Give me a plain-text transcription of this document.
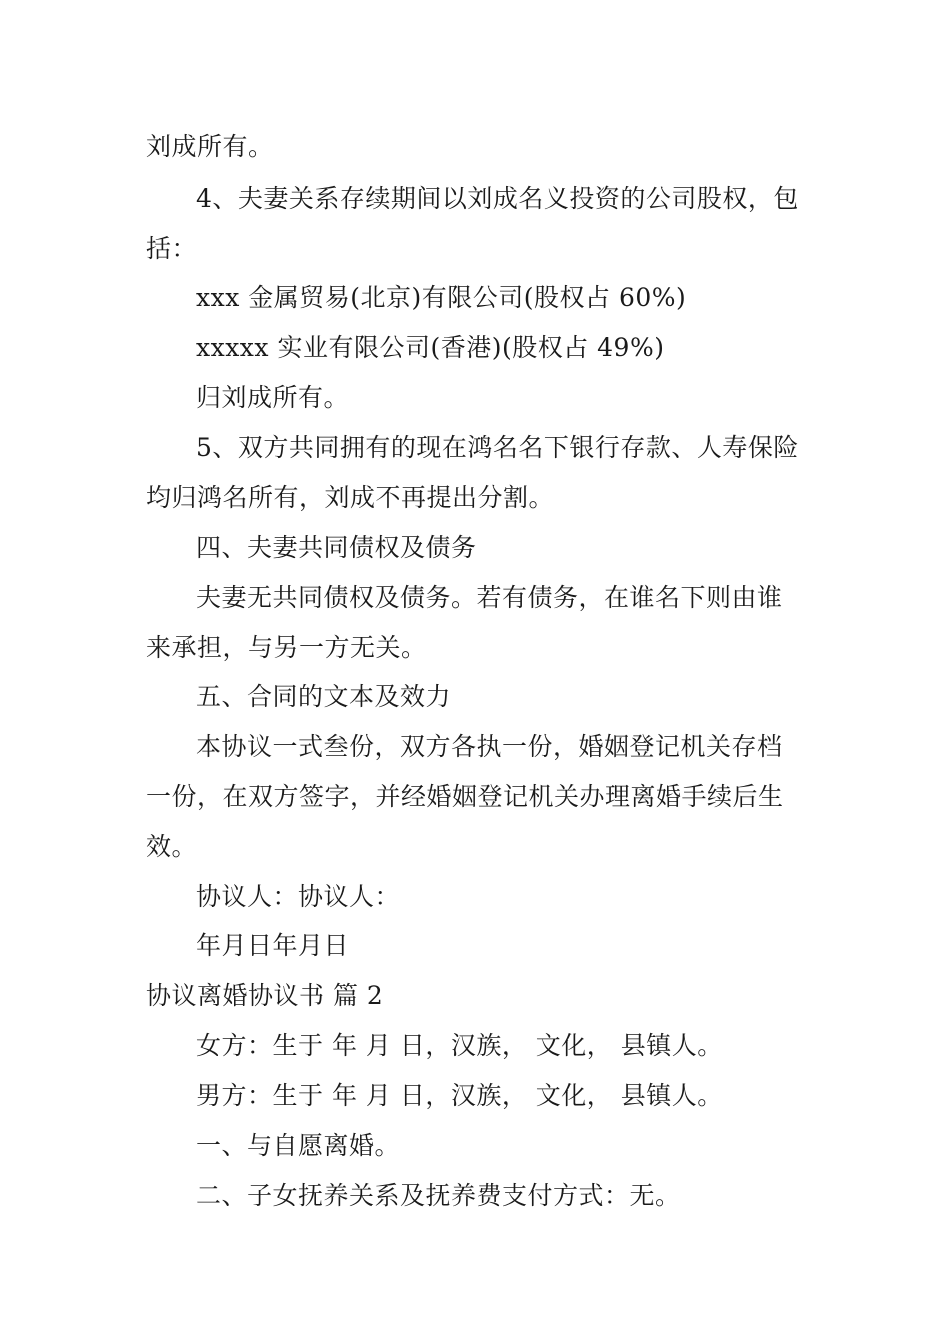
刘成所有。
4、夫妻关系存续期间以刘成名义投资的公司股权，包
括：
xxx 金属贸易(北京)有限公司(股权占 60%)
xxxxx 实业有限公司(香港)(股权占 49%)
归刘成所有。
5、双方共同拥有的现在鸿名名下银行存款、人寿保险
均归鸿名所有，刘成不再提出分割。
四、夫妻共同债权及债务
夫妻无共同债权及债务。若有债务，在谁名下则由谁
来承担，与另一方无关。
五、合同的文本及效力
本协议一式叁份，双方各执一份，婚姻登记机关存档
一份，在双方签字，并经婚姻登记机关办理离婚手续后生
效。
协议人：协议人：
年月日年月日
协议离婚协议书 篇 2
女方：生于 年 月 日，汉族， 文化， 县镇人。
男方：生于 年 月 日，汉族， 文化， 县镇人。
一、与自愿离婚。
二、子女抚养关系及抚养费支付方式：无。
